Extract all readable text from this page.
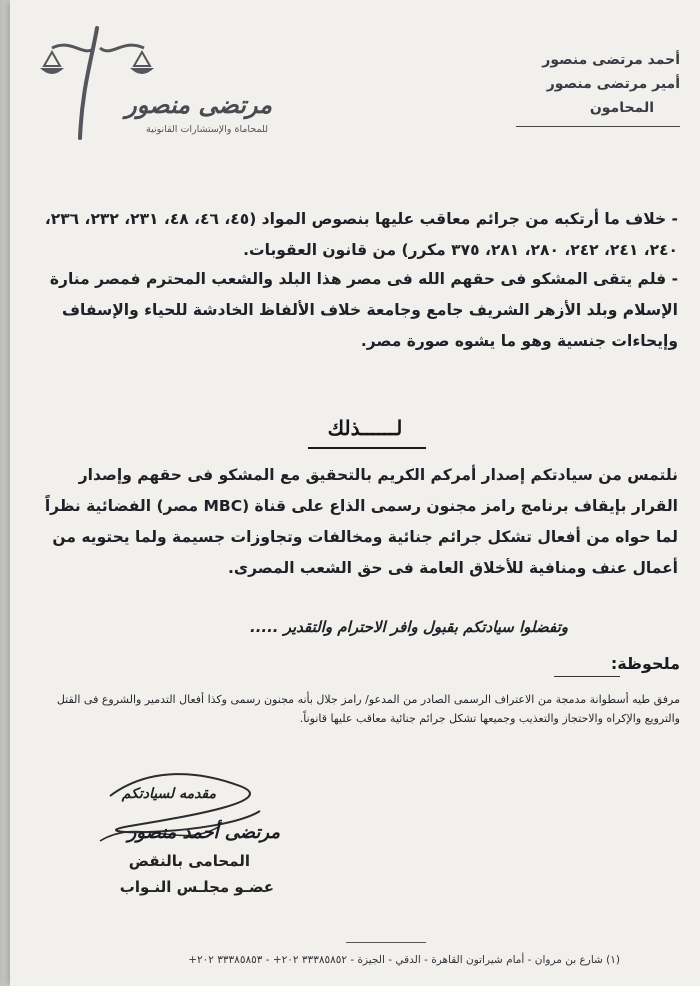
مرتضى منصور
للمحاماة والإستشارات القانونية
أحمد مرتضى منصور
أمير مرتضى منصور
المحامون
- خلاف ما أرتكبه من جرائم معاقب عليها بنصوص المواد (٤٥، ٤٦، ٤٨، ٢٣١، ٢٣٢، ٢٣٦، ٢٤٠، ٢٤١، ٢٤٢، ٢٨٠، ٢٨١، ٣٧٥ مكرر) من قانون العقوبات.
- فلم يتقى المشكو فى حقهم الله فى مصر هذا البلد والشعب المحترم فمصر منارة الإسلام وبلد الأزهر الشريف جامع وجامعة خلاف الألفاظ الخادشة للحياء والإسفاف وإيحاءات جنسية وهو ما يشوه صورة مصر.
لــــــذلك
نلتمس من سيادتكم إصدار أمركم الكريم بالتحقيق مع المشكو فى حقهم وإصدار القرار بإيقاف برنامج رامز مجنون رسمى الذاع على قناة (MBC مصر) الفضائية نظراً لما حواه من أفعال تشكل جرائم جنائية ومخالفات وتجاوزات جسيمة ولما يحتويه من أعمال عنف ومنافية للأخلاق العامة فى حق الشعب المصرى.
وتفضلوا سيادتكم بقبول وافر الاحترام والتقدير .....
ملحوظة:
مرفق طيه أسطوانة مدمجة من الاعتراف الرسمى الصادر من المدعو/ رامز جلال بأنه مجنون رسمى وكذا أفعال التدمير والشروع فى القتل والترويع والإكراه والاحتجاز والتعذيب وجميعها تشكل جرائم جنائية معاقب عليها قانوناً.
مقدمه لسيادتكم
مرتضى أحمد منصور
المحامى بالنقض
عضـو مجلـس النـواب
(١) شارع بن مروان - أمام شيراتون القاهرة - الدقي - الجيزة - ٣٣٣٨٥٨٥٢ ٢٠٢+ - ٣٣٣٨٥٨٥٣ ٢٠٢+
